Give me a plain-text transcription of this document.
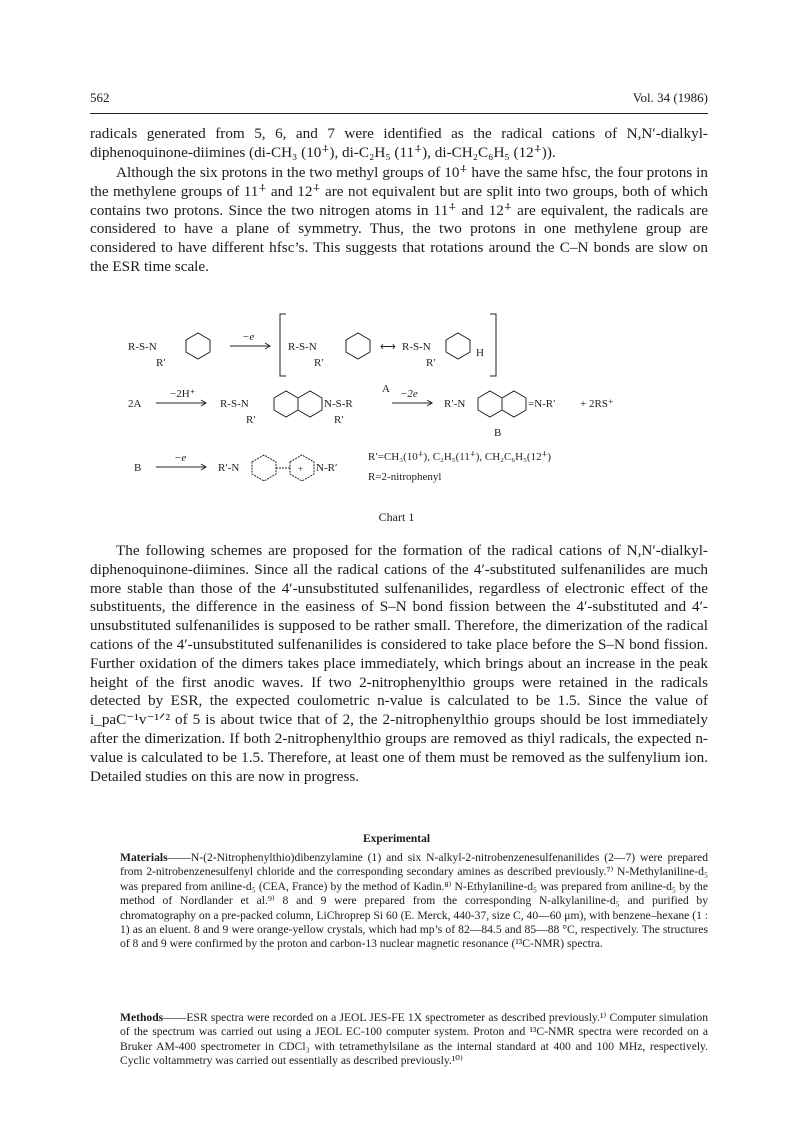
562	Vol. 34 (1986)

radicals generated from 5, 6, and 7 were identified as the radical cations of N,N′-dialkyl-diphenoquinone-diimines (di-CH₃ (10⁺̇), di-C₂H₅ (11⁺̇), di-CH₂C₆H₅ (12⁺̇)).

Although the six protons in the two methyl groups of 10⁺̇ have the same hfsc, the four protons in the methylene groups of 11⁺̇ and 12⁺̇ are not equivalent but are split into two groups, both of which contains two protons. Since the two nitrogen atoms in 11⁺̇ and 12⁺̇ are equivalent, the radicals are considered to have a plane of symmetry. Thus, the two protons in one methylene group are considered to have different hfsc’s. This suggests that rotations around the C–N bonds are slow on the ESR time scale.

R-S-N
R′
−e
R-S-N
R′
⟷ R-S-N
R′
H
A
2A
−2H⁺
R-S-N
R′
N-S-R
R′
−2e
R′-N	=N-R′ + 2RS⁺
B
B
−e
R′-N	+ N-R′
R′=CH₃(10⁺̇), C₂H₅(11⁺̇), CH₂C₆H₅(12⁺̇)
R=2-nitrophenyl
Chart 1

The following schemes are proposed for the formation of the radical cations of N,N′-dialkyl-diphenoquinone-diimines. Since all the radical cations of the 4′-substituted sulfenanilides are much more stable than those of the 4′-unsubstituted sulfenanilides, regardless of electronic effect of the substituents, the difference in the easiness of S–N bond fission between the 4′-substituted and 4′-unsubstituted sulfenanilides is supposed to be rather small. Therefore, the dimerization of the radical cations of the 4′-unsubstituted sulfenanilides is considered to take place before the S–N bond fission. Further oxidation of the dimers takes place immediately, which brings about an increase in the peak height of the first anodic waves. If two 2-nitrophenylthio groups were retained in the radicals detected by ESR, the expected coulometric n-value is calculated to be 1.5. Since the value of i_paC⁻¹v⁻¹ᐟ² of 5 is about twice that of 2, the 2-nitrophenylthio groups should be lost immediately after the dimerization. If both 2-nitrophenylthio groups are removed as thiyl radicals, the expected n-value is calculated to be 1.5. Therefore, at least one of them must be removed as the sulfenylium ion. Detailed studies on this are now in progress.

Experimental

Materials——N-(2-Nitrophenylthio)dibenzylamine (1) and six N-alkyl-2-nitrobenzenesulfenanilides (2—7) were prepared from 2-nitrobenzenesulfenyl chloride and the corresponding secondary amines as described previously.⁷⁾ N-Methylaniline-d₅ was prepared from aniline-d₅ (CEA, France) by the method of Kadin.⁸⁾ N-Ethylaniline-d₅ was prepared from aniline-d₅ by the method of Nordlander et al.⁹⁾ 8 and 9 were prepared from the corresponding N-alkylaniline-d₅ and purified by chromatography on a pre-packed column, LiChroprep Si 60 (E. Merck, 440-37, size C, 40—60 μm), with benzene–hexane (1 : 1) as an eluent. 8 and 9 were orange-yellow crystals, which had mp’s of 82—84.5 and 85—88 °C, respectively. The structures of 8 and 9 were confirmed by the proton and carbon-13 nuclear magnetic resonance (¹³C-NMR) spectra.

Methods——ESR spectra were recorded on a JEOL JES-FE 1X spectrometer as described previously.¹⁾ Computer simulation of the spectrum was carried out using a JEOL EC-100 computer system. Proton and ¹³C-NMR spectra were recorded on a Bruker AM-400 spectrometer in CDCl₃ with tetramethylsilane as the internal standard at 400 and 100 MHz, respectively. Cyclic voltammetry was carried out essentially as described previously.¹⁰⁾
